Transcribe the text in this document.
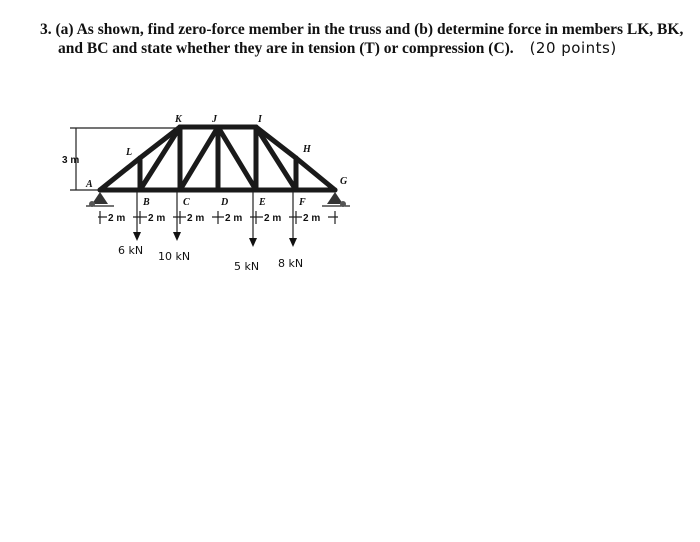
3. (a) As shown, find zero-force member in the truss and (b) determine force in members LK, BK,
and BC and state whether they are in tension (T) or compression (C). (20 points)
3 m
2 m 2 m 2 m 2 m 2 m 2 m
6 kN 10 kN
5 kN 8 kN
A
B	C	D	E	F
G
H
I
J
K
L
